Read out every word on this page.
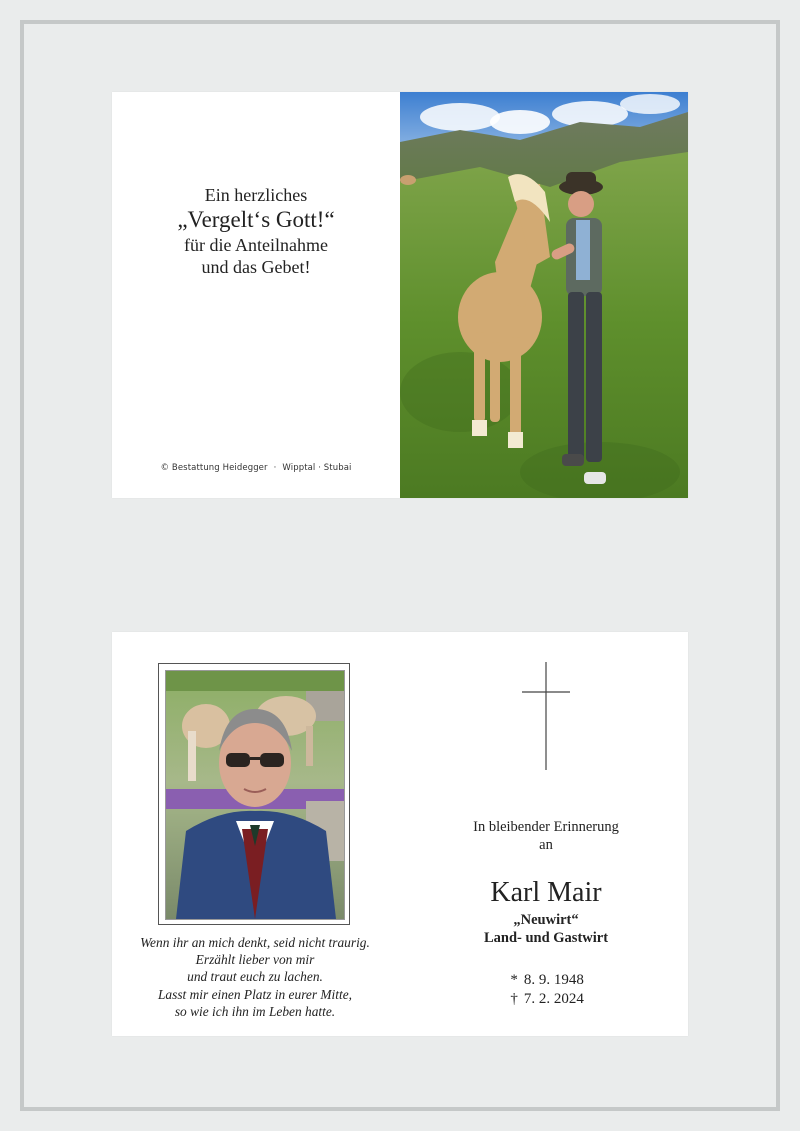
Ein herzliches
„Vergelt‘s Gott!“
für die Anteilnahme
und das Gebet!
© Bestattung Heidegger · Wipptal · Stubai
Wenn ihr an mich denkt, seid nicht traurig.
Erzählt lieber von mir
und traut euch zu lachen.
Lasst mir einen Platz in eurer Mitte,
so wie ich ihn im Leben hatte.
In bleibender Erinnerung
an
Karl Mair
„Neuwirt“
Land- und Gastwirt
* 8. 9. 1948
† 7. 2. 2024
